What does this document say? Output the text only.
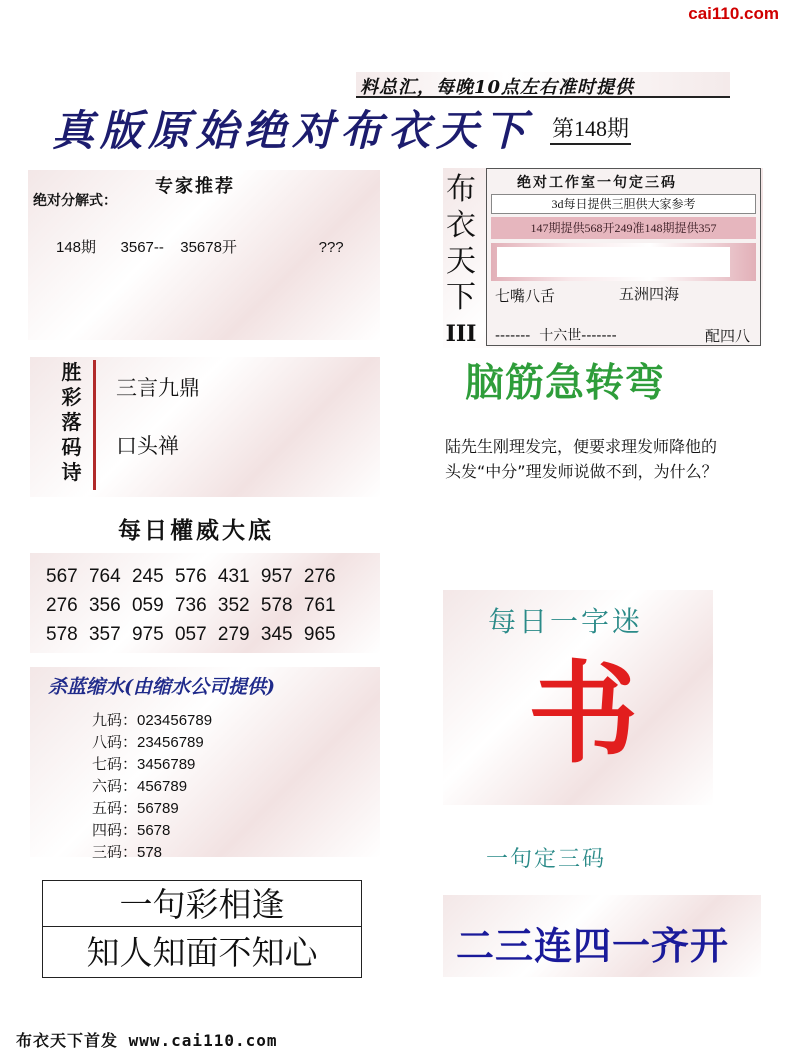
cai110.com
料总汇，每晚10点左右准时提供
真版原始绝对布衣天下 第148期
专家推荐
绝对分解式：
148期   3567--  35678开          ???
胜
彩
落
码
诗
三言九鼎
口头禅
每日權威大底
567 764 245 576 431 957 276
276 356 059 736 352 578 761
578 357 975 057 279 345 965
杀蓝缩水(由缩水公司提供)
九码：023456789
八码：23456789
七码：3456789
六码：456789
五码：56789
四码：5678
三码：578
一句彩相逢
知人知面不知心
布衣天下首发 www.cai110.com
布
衣
天
下
III
绝对工作室一句定三码
3d每日提供三胆供大家参考
147期提供568开249准148期提供357
七嘴八舌	五洲四海
-------  十六世-------	配四八
脑筋急转弯
陆先生刚理发完，便要求理发师降他的头发“中分”理发师说做不到，为什么？
每日一字迷
书
一句定三码
二三连四一齐开
